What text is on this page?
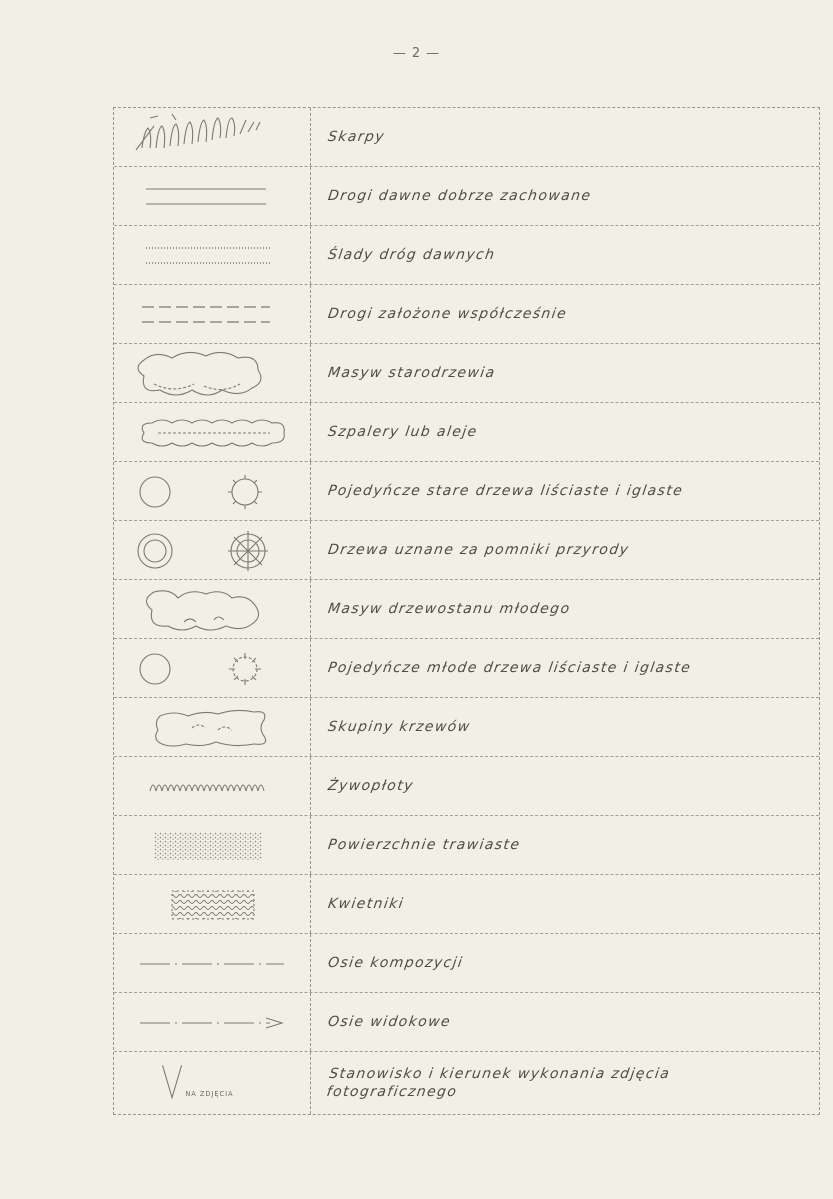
— 2 —
Skarpy
Drogi dawne dobrze zachowane
Ślady dróg dawnych
Drogi założone współcześnie
Masyw starodrzewia
Szpalery lub aleje
Pojedyńcze stare drzewa liściaste i iglaste
Drzewa uznane za pomniki przyrody
Masyw drzewostanu młodego
Pojedyńcze młode drzewa liściaste i iglaste
Skupiny krzewów
Żywopłoty
Powierzchnie trawiaste
Kwietniki
Osie kompozycji
Osie widokowe
NA ZDJĘCIA
Stanowisko i kierunek wykonania zdjęcia fotograficznego
